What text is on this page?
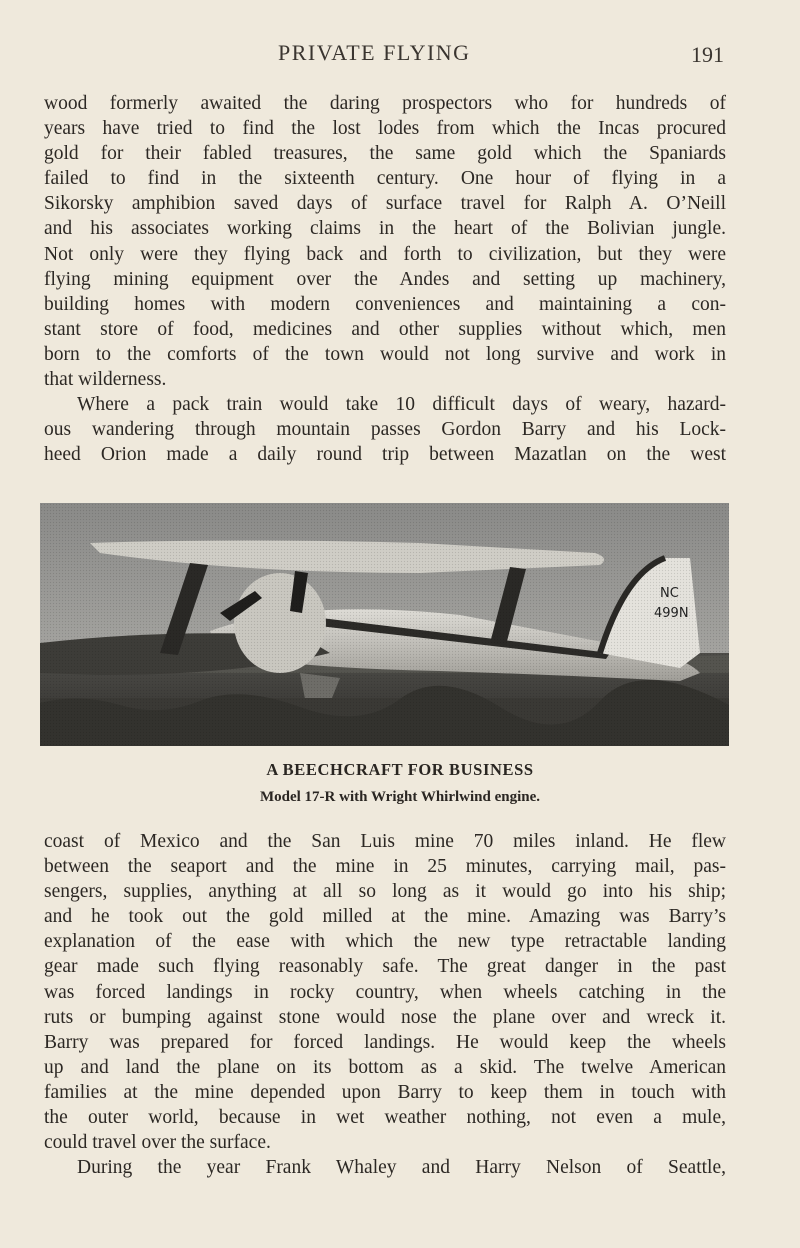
PRIVATE FLYING	191
wood formerly awaited the daring prospectors who for hundreds of
years have tried to find the lost lodes from which the Incas procured
gold for their fabled treasures, the same gold which the Spaniards
failed to find in the sixteenth century. One hour of flying in a
Sikorsky amphibion saved days of surface travel for Ralph A. O’Neill
and his associates working claims in the heart of the Bolivian jungle.
Not only were they flying back and forth to civilization, but they were
flying mining equipment over the Andes and setting up machinery,
building homes with modern conveniences and maintaining a con-
stant store of food, medicines and other supplies without which, men
born to the comforts of the town would not long survive and work in
that wilderness.
Where a pack train would take 10 difficult days of weary, hazard-
ous wandering through mountain passes Gordon Barry and his Lock-
heed Orion made a daily round trip between Mazatlan on the west
A BEECHCRAFT FOR BUSINESS
Model 17-R with Wright Whirlwind engine.
coast of Mexico and the San Luis mine 70 miles inland. He flew
between the seaport and the mine in 25 minutes, carrying mail, pas-
sengers, supplies, anything at all so long as it would go into his ship;
and he took out the gold milled at the mine. Amazing was Barry’s
explanation of the ease with which the new type retractable landing
gear made such flying reasonably safe. The great danger in the past
was forced landings in rocky country, when wheels catching in the
ruts or bumping against stone would nose the plane over and wreck it.
Barry was prepared for forced landings. He would keep the wheels
up and land the plane on its bottom as a skid. The twelve American
families at the mine depended upon Barry to keep them in touch with
the outer world, because in wet weather nothing, not even a mule,
could travel over the surface.
During the year Frank Whaley and Harry Nelson of Seattle,
